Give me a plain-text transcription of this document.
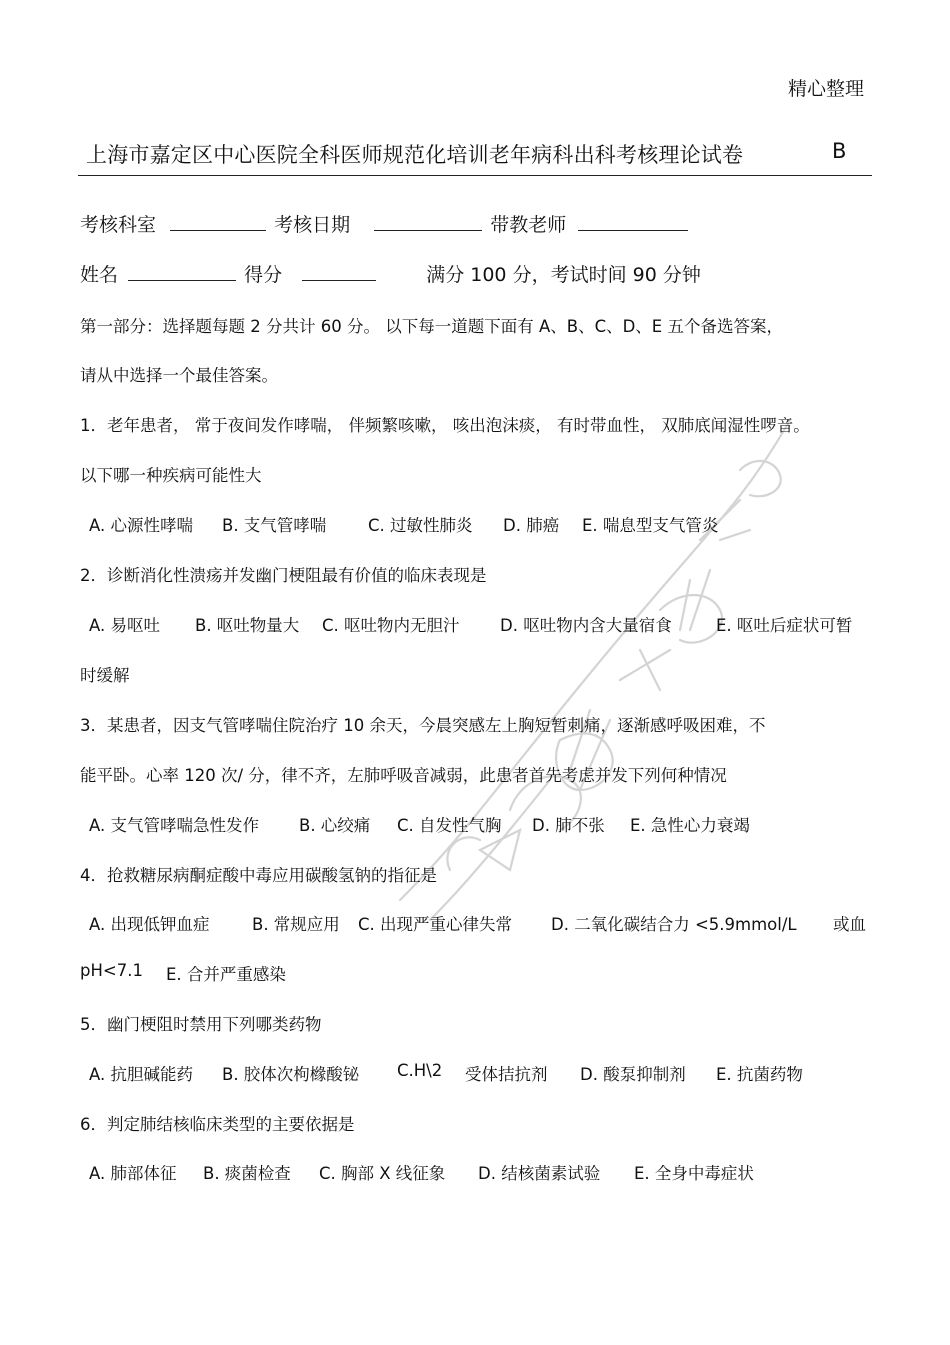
精心整理
上海市嘉定区中心医院全科医师规范化培训老年病科出科考核理论试卷	B
考核科室	考核日期	带教老师
姓名	得分	满分 100 分，考试时间 90 分钟
第一部分：选择题每题 2 分共计 60 分。 以下每一道题下面有 A、B、C、D、E 五个备选答案，
请从中选择一个最佳答案。
1．老年患者， 常于夜间发作哮喘， 伴频繁咳嗽， 咳出泡沫痰， 有时带血性， 双肺底闻湿性啰音。
以下哪一种疾病可能性大
A. 心源性哮喘 B. 支气管哮喘	C. 过敏性肺炎 D. 肺癌 E. 喘息型支气管炎
2．诊断消化性溃疡并发幽门梗阻最有价值的临床表现是
A. 易呕吐 B. 呕吐物量大 C. 呕吐物内无胆汁 D. 呕吐物内含大量宿食	E. 呕吐后症状可暂
时缓解
3．某患者，因支气管哮喘住院治疗 10 余天，今晨突感左上胸短暂刺痛，逐渐感呼吸困难，不
能平卧。心率 120 次/ 分，律不齐，左肺呼吸音减弱，此患者首先考虑并发下列何种情况
A. 支气管哮喘急性发作 B. 心绞痛 C. 自发性气胸 D. 肺不张 E. 急性心力衰竭
4．抢救糖尿病酮症酸中毒应用碳酸氢钠的指征是
A. 出现低钾血症	B. 常规应用 C. 出现严重心律失常 D. 二氧化碳结合力 <5.9mmol/L 或血
pH<7.1 E. 合并严重感染
5．幽门梗阻时禁用下列哪类药物
A. 抗胆碱能药 B. 胶体次枸橼酸铋 C.H\2 受体拮抗剂 D. 酸泵抑制剂 E. 抗菌药物
6．判定肺结核临床类型的主要依据是
A. 肺部体征 B. 痰菌检查 C. 胸部 X 线征象 D. 结核菌素试验 E. 全身中毒症状
